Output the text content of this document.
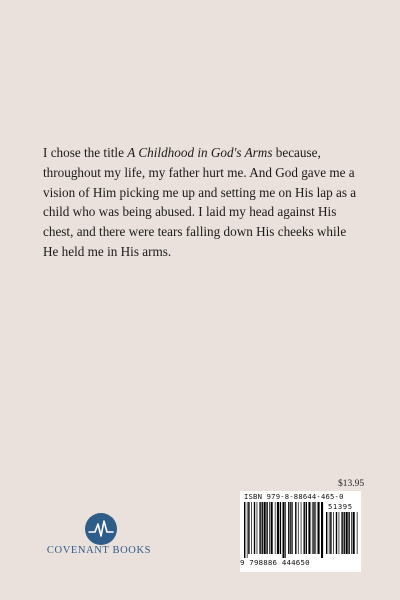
I chose the title A Childhood in God's Arms because, throughout my life, my father hurt me. And God gave me a vision of Him picking me up and setting me on His lap as a child who was being abused. I laid my head against His chest, and there were tears falling down His cheeks while He held me in His arms.

$13.95
ISBN 979-8-88644-465-0
51395
9 798886 444650
COVENANT BOOKS
